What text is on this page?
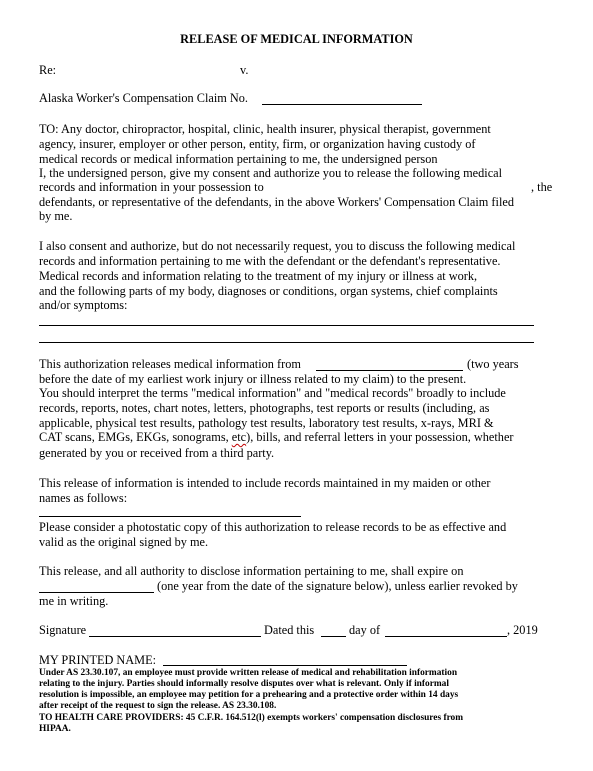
RELEASE OF MEDICAL INFORMATION
Re:	v.
Alaska Worker's Compensation Claim No.
TO: Any doctor, chiropractor, hospital, clinic, health insurer, physical therapist, government
agency, insurer, employer or other person, entity, firm, or organization having custody of
medical records or medical information pertaining to me, the undersigned person
I, the undersigned person, give my consent and authorize you to release the following medical
records and information in your possession to	, the
defendants, or representative of the defendants, in the above Workers' Compensation Claim filed
by me.
I also consent and authorize, but do not necessarily request, you to discuss the following medical
records and information pertaining to me with the defendant or the defendant's representative.
Medical records and information relating to the treatment of my injury or illness at work,
and the following parts of my body, diagnoses or conditions, organ systems, chief complaints
and/or symptoms:
This authorization releases medical information from	(two years
before the date of my earliest work injury or illness related to my claim) to the present.
You should interpret the terms "medical information" and "medical records" broadly to include
records, reports, notes, chart notes, letters, photographs, test reports or results (including, as
applicable, physical test results, pathology test results, laboratory test results, x-rays, MRI &
CAT scans, EMGs, EKGs, sonograms, etc), bills, and referral letters in your possession, whether
generated by you or received from a third party.
This release of information is intended to include records maintained in my maiden or other
names as follows:
Please consider a photostatic copy of this authorization to release records to be as effective and
valid as the original signed by me.
This release, and all authority to disclose information pertaining to me, shall expire on
(one year from the date of the signature below), unless earlier revoked by
me in writing.
Signature	Dated this	day of	, 2019
MY PRINTED NAME:
Under AS 23.30.107, an employee must provide written release of medical and rehabilitation information
relating to the injury. Parties should informally resolve disputes over what is relevant. Only if informal
resolution is impossible, an employee may petition for a prehearing and a protective order within 14 days
after receipt of the request to sign the release. AS 23.30.108.
TO HEALTH CARE PROVIDERS: 45 C.F.R. 164.512(l) exempts workers' compensation disclosures from
HIPAA.
